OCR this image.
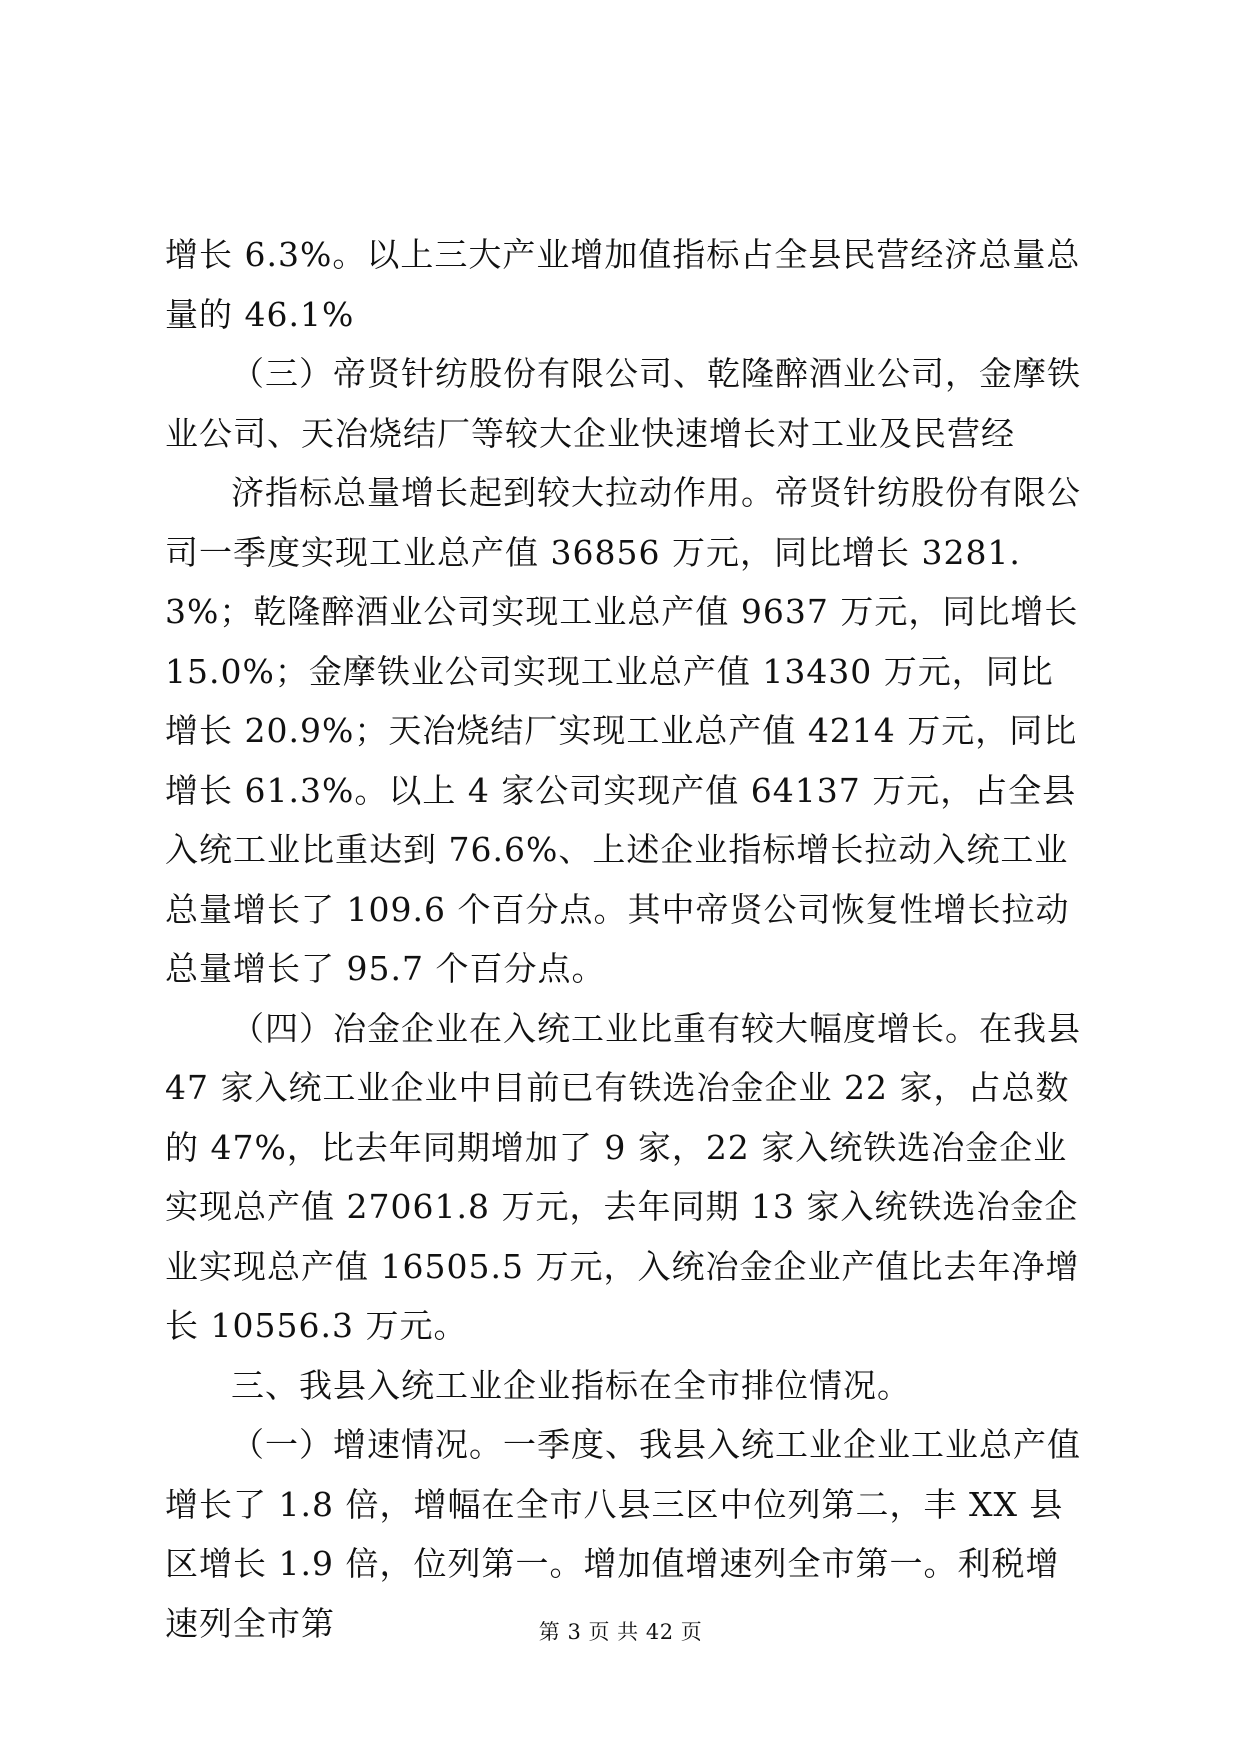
增长 6.3%。以上三大产业增加值指标占全县民营经济总量总量的 46.1%

（三）帝贤针纺股份有限公司、乾隆醉酒业公司，金摩铁业公司、天冶烧结厂等较大企业快速增长对工业及民营经

济指标总量增长起到较大拉动作用。帝贤针纺股份有限公司一季度实现工业总产值 36856 万元，同比增长 3281.3%；乾隆醉酒业公司实现工业总产值 9637 万元，同比增长 15.0%；金摩铁业公司实现工业总产值 13430 万元，同比增长 20.9%；天冶烧结厂实现工业总产值 4214 万元，同比增长 61.3%。以上 4 家公司实现产值 64137 万元，占全县入统工业比重达到 76.6%、上述企业指标增长拉动入统工业总量增长了 109.6 个百分点。其中帝贤公司恢复性增长拉动总量增长了 95.7 个百分点。

（四）冶金企业在入统工业比重有较大幅度增长。在我县 47 家入统工业企业中目前已有铁选冶金企业 22 家，占总数的 47%，比去年同期增加了 9 家，22 家入统铁选冶金企业实现总产值 27061.8 万元，去年同期 13 家入统铁选冶金企业实现总产值 16505.5 万元，入统冶金企业产值比去年净增长 10556.3 万元。

三、我县入统工业企业指标在全市排位情况。

（一）增速情况。一季度、我县入统工业企业工业总产值增长了 1.8 倍，增幅在全市八县三区中位列第二，丰 XX 县区增长 1.9 倍，位列第一。增加值增速列全市第一。利税增速列全市第	第 3 页 共 42 页
